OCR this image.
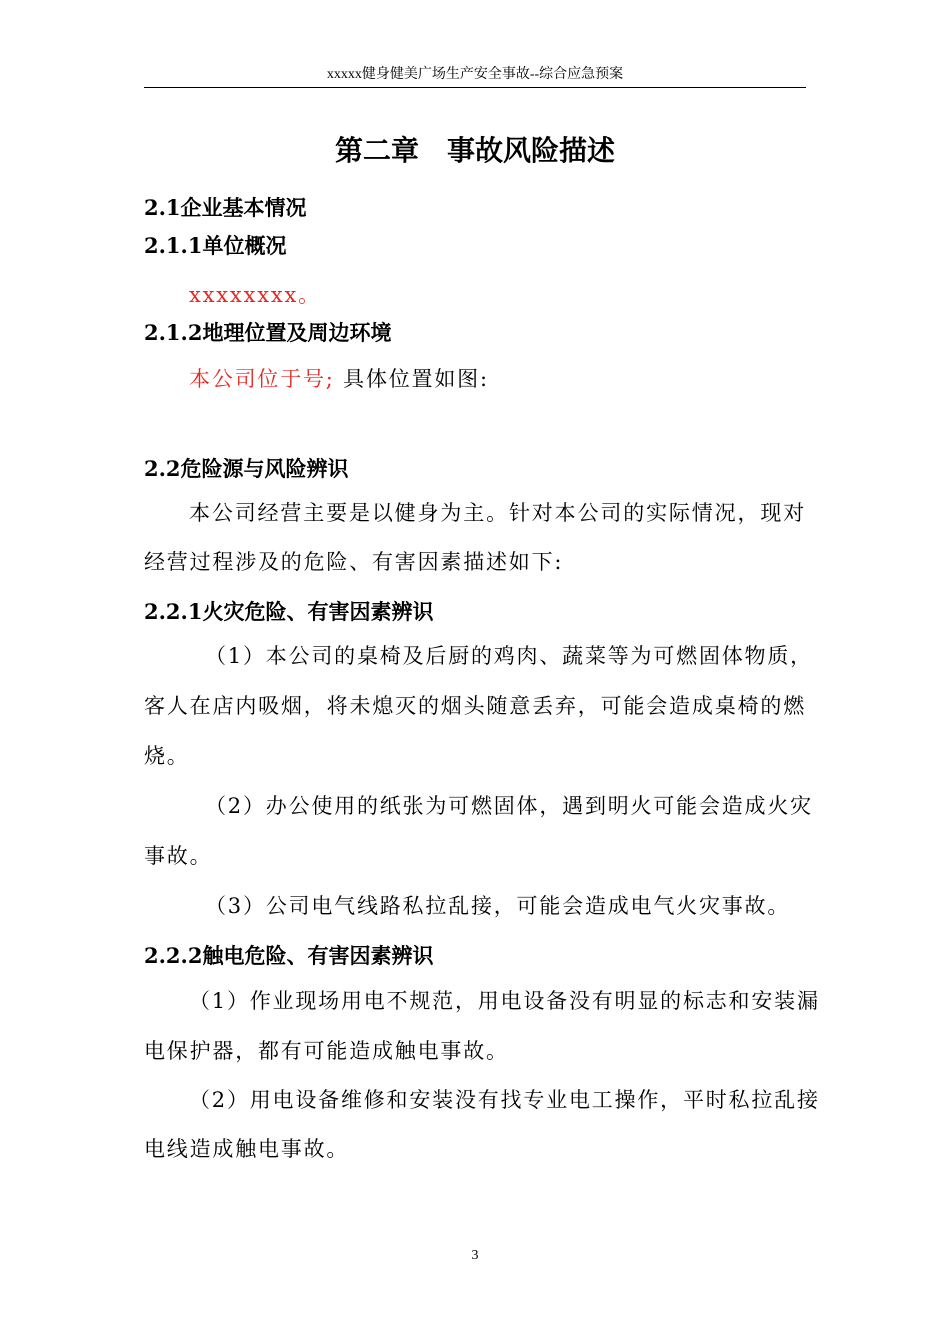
xxxxx健身健美广场生产安全事故--综合应急预案
第二章　事故风险描述
2.1企业基本情况
2.1.1单位概况
xxxxxxxx。
2.1.2地理位置及周边环境
本公司位于号; 具体位置如图:
2.2危险源与风险辨识
本公司经营主要是以健身为主。针对本公司的实际情况，现对
经营过程涉及的危险、有害因素描述如下:
2.2.1火灾危险、有害因素辨识
（1）本公司的桌椅及后厨的鸡肉、蔬菜等为可燃固体物质，
客人在店内吸烟，将未熄灭的烟头随意丢弃，可能会造成桌椅的燃
烧。
（2）办公使用的纸张为可燃固体，遇到明火可能会造成火灾
事故。
（3）公司电气线路私拉乱接，可能会造成电气火灾事故。
2.2.2触电危险、有害因素辨识
（1）作业现场用电不规范，用电设备没有明显的标志和安装漏
电保护器，都有可能造成触电事故。
（2）用电设备维修和安装没有找专业电工操作，平时私拉乱接
电线造成触电事故。
3
